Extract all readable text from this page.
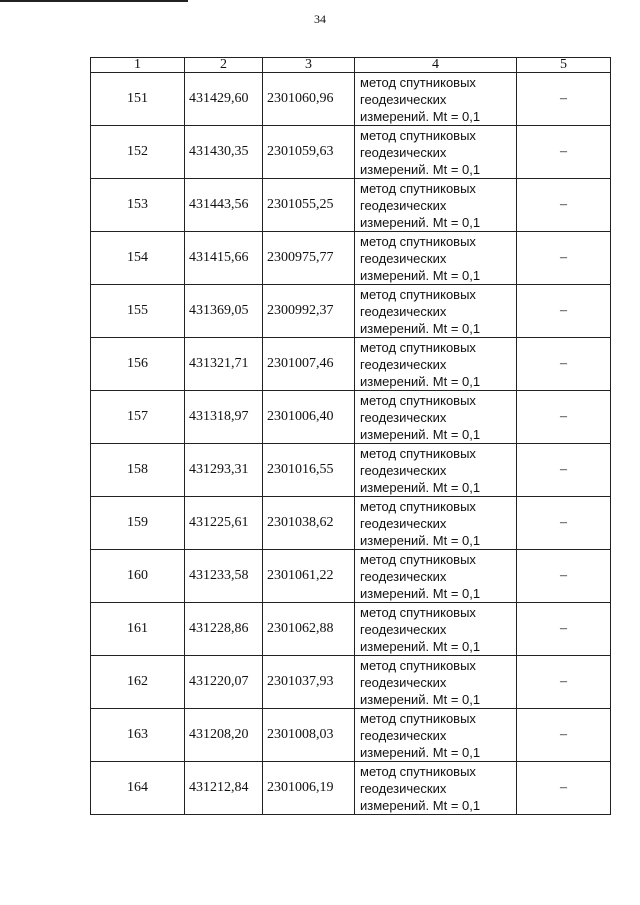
34
1	2	3	4	5
151	431429,60	2301060,96	метод спутниковых
геодезических
измерений. Mt = 0,1	–
152	431430,35	2301059,63	метод спутниковых
геодезических
измерений. Mt = 0,1	–
153	431443,56	2301055,25	метод спутниковых
геодезических
измерений. Mt = 0,1	–
154	431415,66	2300975,77	метод спутниковых
геодезических
измерений. Mt = 0,1	–
155	431369,05	2300992,37	метод спутниковых
геодезических
измерений. Mt = 0,1	–
156	431321,71	2301007,46	метод спутниковых
геодезических
измерений. Mt = 0,1	–
157	431318,97	2301006,40	метод спутниковых
геодезических
измерений. Mt = 0,1	–
158	431293,31	2301016,55	метод спутниковых
геодезических
измерений. Mt = 0,1	–
159	431225,61	2301038,62	метод спутниковых
геодезических
измерений. Mt = 0,1	–
160	431233,58	2301061,22	метод спутниковых
геодезических
измерений. Mt = 0,1	–
161	431228,86	2301062,88	метод спутниковых
геодезических
измерений. Mt = 0,1	–
162	431220,07	2301037,93	метод спутниковых
геодезических
измерений. Mt = 0,1	–
163	431208,20	2301008,03	метод спутниковых
геодезических
измерений. Mt = 0,1	–
164	431212,84	2301006,19	метод спутниковых
геодезических
измерений. Mt = 0,1	–
